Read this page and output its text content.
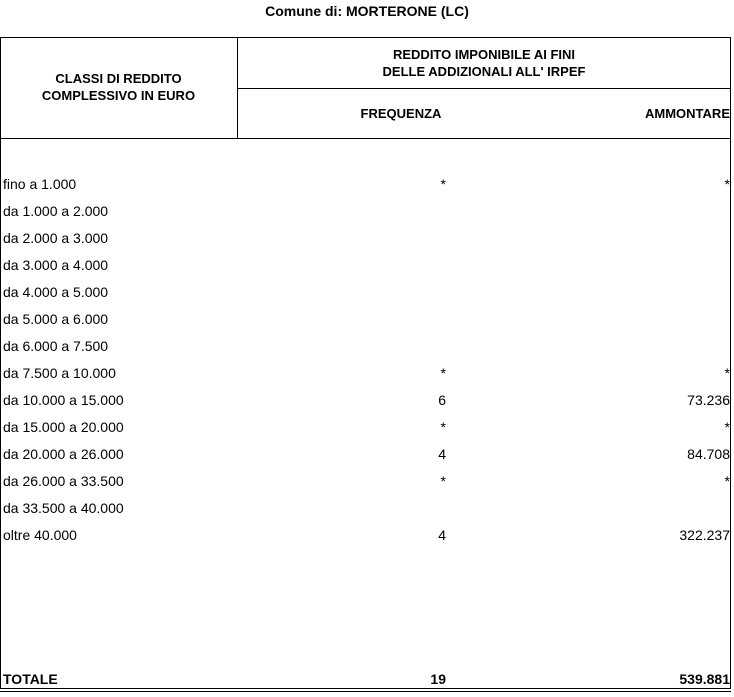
Comune di: MORTERONE (LC)
CLASSI DI REDDITO
COMPLESSIVO IN EURO
REDDITO IMPONIBILE AI FINI
DELLE ADDIZIONALI ALL' IRPEF
FREQUENZA	AMMONTARE
fino a 1.000	*	*
da 1.000 a 2.000
da 2.000 a 3.000
da 3.000 a 4.000
da 4.000 a 5.000
da 5.000 a 6.000
da 6.000 a 7.500
da 7.500 a 10.000	*	*
da 10.000 a 15.000	6	73.236
da 15.000 a 20.000	*	*
da 20.000 a 26.000	4	84.708
da 26.000 a 33.500	*	*
da 33.500 a 40.000
oltre 40.000	4	322.237
TOTALE	19	539.881
